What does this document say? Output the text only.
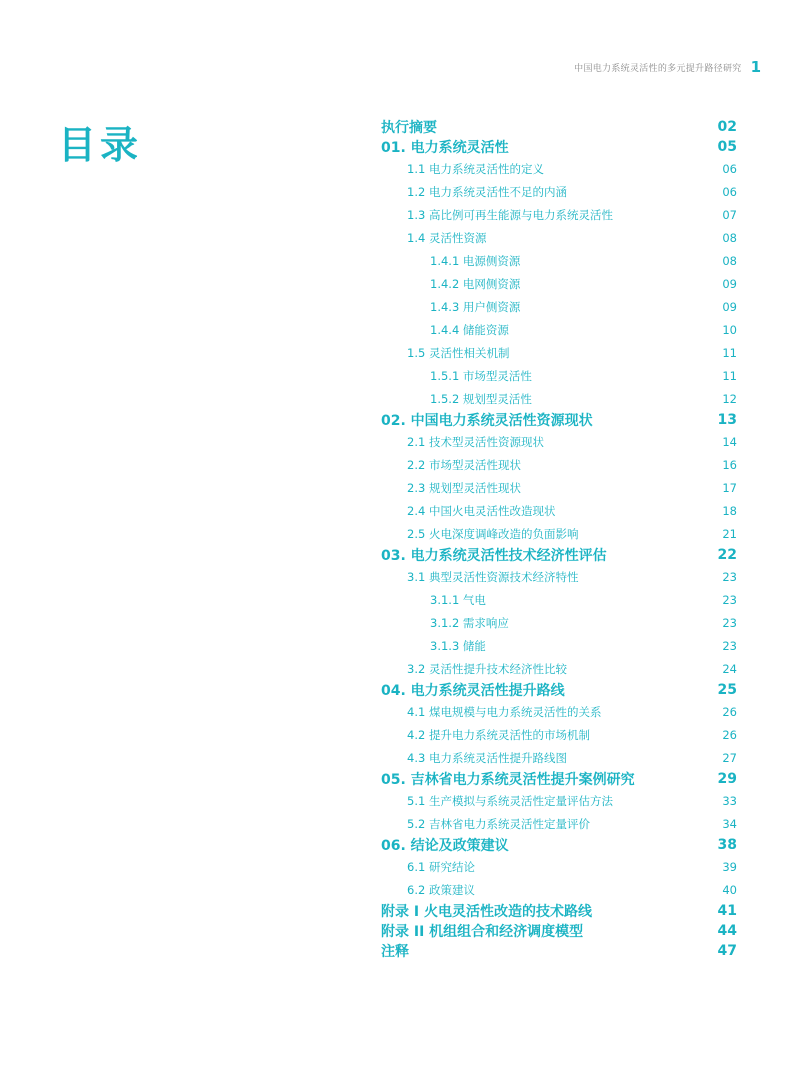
中国电力系统灵活性的多元提升路径研究 1
目录	执行摘要	02
01. 电力系统灵活性	05
1.1 电力系统灵活性的定义	06
1.2 电力系统灵活性不足的内涵	06
1.3 高比例可再生能源与电力系统灵活性	07
1.4 灵活性资源	08
1.4.1 电源侧资源	08
1.4.2 电网侧资源	09
1.4.3 用户侧资源	09
1.4.4 储能资源	10
1.5 灵活性相关机制	11
1.5.1 市场型灵活性	11
1.5.2 规划型灵活性	12
02. 中国电力系统灵活性资源现状	13
2.1 技术型灵活性资源现状	14
2.2 市场型灵活性现状	16
2.3 规划型灵活性现状	17
2.4 中国火电灵活性改造现状	18
2.5 火电深度调峰改造的负面影响	21
03. 电力系统灵活性技术经济性评估	22
3.1 典型灵活性资源技术经济特性	23
3.1.1 气电	23
3.1.2 需求响应	23
3.1.3 储能	23
3.2 灵活性提升技术经济性比较	24
04. 电力系统灵活性提升路线	25
4.1 煤电规模与电力系统灵活性的关系	26
4.2 提升电力系统灵活性的市场机制	26
4.3 电力系统灵活性提升路线图	27
05. 吉林省电力系统灵活性提升案例研究	29
5.1 生产模拟与系统灵活性定量评估方法	33
5.2 吉林省电力系统灵活性定量评价	34
06. 结论及政策建议	38
6.1 研究结论	39
6.2 政策建议	40
附录 I 火电灵活性改造的技术路线	41
附录 II 机组组合和经济调度模型	44
注释	47
